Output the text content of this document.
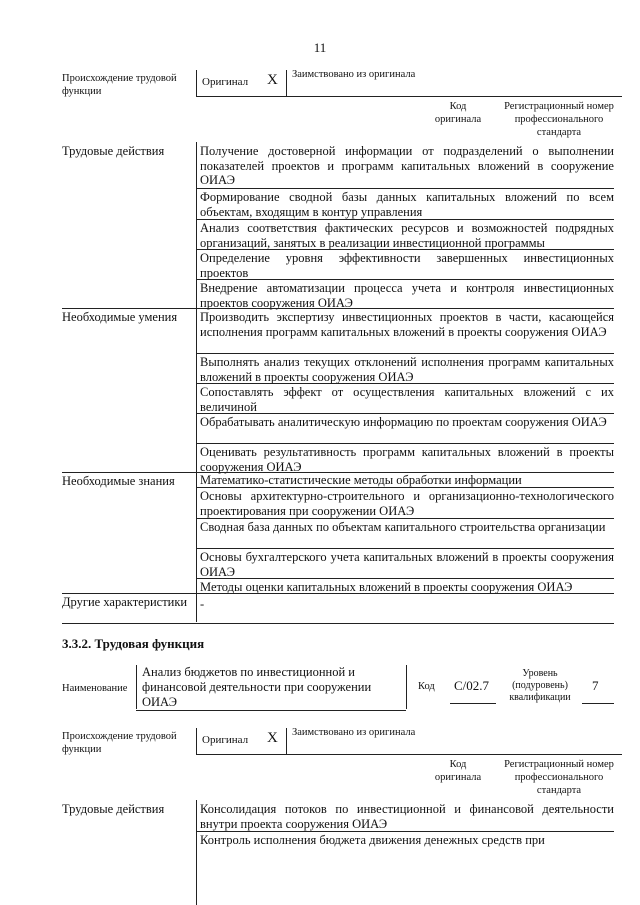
11
Происхождение трудовой функции
Оригинал X Заимствовано из оригинала
Код оригинала
Регистрационный номер профессионального стандарта
Трудовые действия	Получение достоверной информации от подразделений о выполнении показателей проектов и программ капитальных вложений в сооружение ОИАЭ
Формирование сводной базы данных капитальных вложений по всем объектам, входящим в контур управления
Анализ соответствия фактических ресурсов и возможностей подрядных организаций, занятых в реализации инвестиционной программы
Определение уровня эффективности завершенных инвестиционных проектов
Внедрение автоматизации процесса учета и контроля инвестиционных проектов сооружения ОИАЭ
Необходимые умения	Производить экспертизу инвестиционных проектов в части, касающейся исполнения программ капитальных вложений в проекты сооружения ОИАЭ
Выполнять анализ текущих отклонений исполнения программ капитальных вложений в проекты сооружения ОИАЭ
Сопоставлять эффект от осуществления капитальных вложений с их величиной
Обрабатывать аналитическую информацию по проектам сооружения ОИАЭ
Оценивать результативность программ капитальных вложений в проекты сооружения ОИАЭ
Необходимые знания	Математико-статистические методы обработки информации
Основы архитектурно-строительного и организационно-технологического проектирования при сооружении ОИАЭ
Сводная база данных по объектам капитального строительства организации
Основы бухгалтерского учета капитальных вложений в проекты сооружения ОИАЭ
Методы оценки капитальных вложений в проекты сооружения ОИАЭ
Другие характеристики	-
3.3.2. Трудовая функция
Наименование
Анализ бюджетов по инвестиционной и финансовой деятельности при сооружении ОИАЭ
Код C/02.7
Уровень (подуровень) квалификации
7
Происхождение трудовой функции
Оригинал X Заимствовано из оригинала
Код оригинала
Регистрационный номер профессионального стандарта
Трудовые действия	Консолидация потоков по инвестиционной и финансовой деятельности внутри проекта сооружения ОИАЭ
Контроль исполнения бюджета движения денежных средств при
